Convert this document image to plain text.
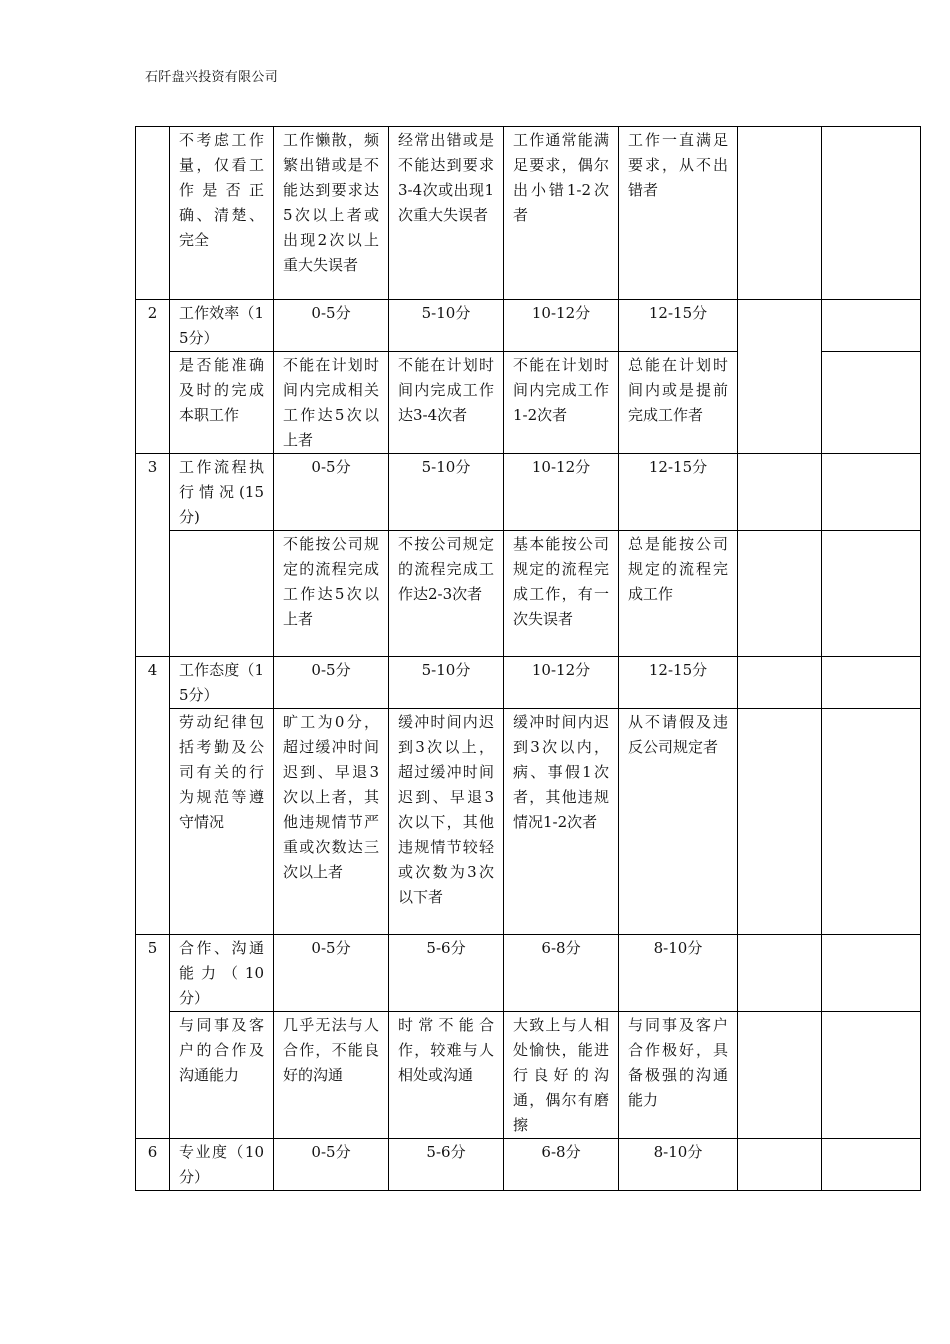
石阡盘兴投资有限公司
	不考虑工作量，仅看工作是否正确、清楚、完全	工作懒散，频繁出错或是不能达到要求达5次以上者或出现2次以上重大失误者	经常出错或是不能达到要求3-4次或出现1次重大失误者	工作通常能满足要求，偶尔出小错1-2次者	工作一直满足要求，从不出错者		
2	工作效率（15分）	0-5分	5-10分	10-12分	12-15分		
	是否能准确及时的完成本职工作	不能在计划时间内完成相关工作达5次以上者	不能在计划时间内完成工作达3-4次者	不能在计划时间内完成工作1-2次者	总能在计划时间内或是提前完成工作者		
3	工作流程执行情况(15分)	0-5分	5-10分	10-12分	12-15分		
		不能按公司规定的流程完成工作达5次以上者	不按公司规定的流程完成工作达2-3次者	基本能按公司规定的流程完成工作，有一次失误者	总是能按公司规定的流程完成工作		
4	工作态度（15分）	0-5分	5-10分	10-12分	12-15分		
	劳动纪律包括考勤及公司有关的行为规范等遵守情况	旷工为0分，超过缓冲时间迟到、早退3次以上者，其他违规情节严重或次数达三次以上者	缓冲时间内迟到3次以上，超过缓冲时间迟到、早退3次以下，其他违规情节较轻或次数为3次以下者	缓冲时间内迟到3次以内，病、事假1次者，其他违规情况1-2次者	从不请假及违反公司规定者		
5	合作、沟通能力（10分）	0-5分	5-6分	6-8分	8-10分		
	与同事及客户的合作及沟通能力	几乎无法与人合作，不能良好的沟通	时常不能合作，较难与人相处或沟通	大致上与人相处愉快，能进行良好的沟通，偶尔有磨擦	与同事及客户合作极好，具备极强的沟通能力		
6	专业度（10分）	0-5分	5-6分	6-8分	8-10分		
